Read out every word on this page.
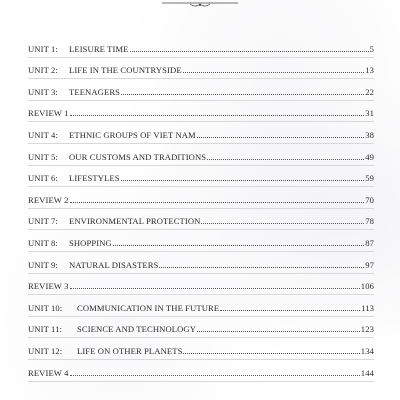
UNIT 1:	LEISURE TIME	5
UNIT 2:	LIFE IN THE COUNTRYSIDE	13
UNIT 3:	TEENAGERS	22
REVIEW 1	31
UNIT 4:	ETHNIC GROUPS OF VIET NAM	38
UNIT 5:	OUR CUSTOMS AND TRADITIONS	49
UNIT 6:	LIFESTYLES	59
REVIEW 2	70
UNIT 7:	ENVIRONMENTAL PROTECTION	78
UNIT 8:	SHOPPING	87
UNIT 9:	NATURAL DISASTERS	97
REVIEW 3	106
UNIT 10:	COMMUNICATION IN THE FUTURE	113
UNIT 11:	SCIENCE AND TECHNOLOGY	123
UNIT 12:	LIFE ON OTHER PLANETS	134
REVIEW 4	144
